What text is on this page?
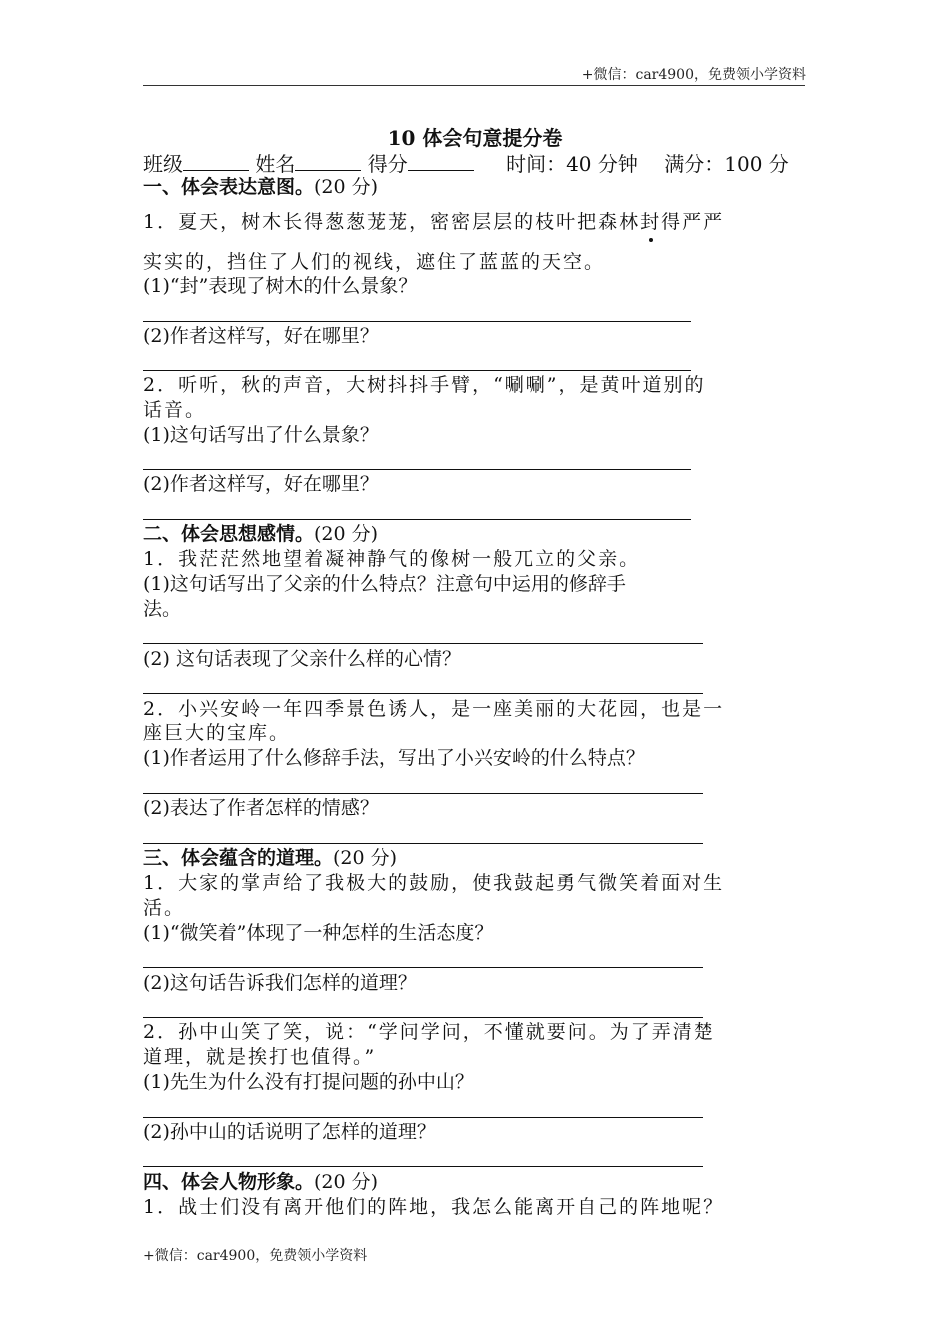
+微信：car4900，免费领小学资料
10 体会句意提分卷
班级	姓名	得分	时间：40 分钟 满分：100 分
一、体会表达意图。(20 分)
1．夏天，树木长得葱葱茏茏，密密层层的枝叶把森林封得严严
实实的，挡住了人们的视线，遮住了蓝蓝的天空。
(1)“封”表现了树木的什么景象？
(2)作者这样写，好在哪里？
2．听听，秋的声音，大树抖抖手臂，“唰唰”，是黄叶道别的
话音。
(1)这句话写出了什么景象？
(2)作者这样写，好在哪里？
二、体会思想感情。(20 分)
1．我茫茫然地望着凝神静气的像树一般兀立的父亲。
(1)这句话写出了父亲的什么特点？注意句中运用的修辞手
法。
(2) 这句话表现了父亲什么样的心情？
2．小兴安岭一年四季景色诱人，是一座美丽的大花园，也是一
座巨大的宝库。
(1)作者运用了什么修辞手法，写出了小兴安岭的什么特点？
(2)表达了作者怎样的情感？
三、体会蕴含的道理。(20 分)
1．大家的掌声给了我极大的鼓励，使我鼓起勇气微笑着面对生
活。
(1)“微笑着”体现了一种怎样的生活态度？
(2)这句话告诉我们怎样的道理？
2．孙中山笑了笑，说：“学问学问，不懂就要问。为了弄清楚
道理，就是挨打也值得。”
(1)先生为什么没有打提问题的孙中山？
(2)孙中山的话说明了怎样的道理？
四、体会人物形象。(20 分)
1．战士们没有离开他们的阵地，我怎么能离开自己的阵地呢？
+微信：car4900，免费领小学资料
